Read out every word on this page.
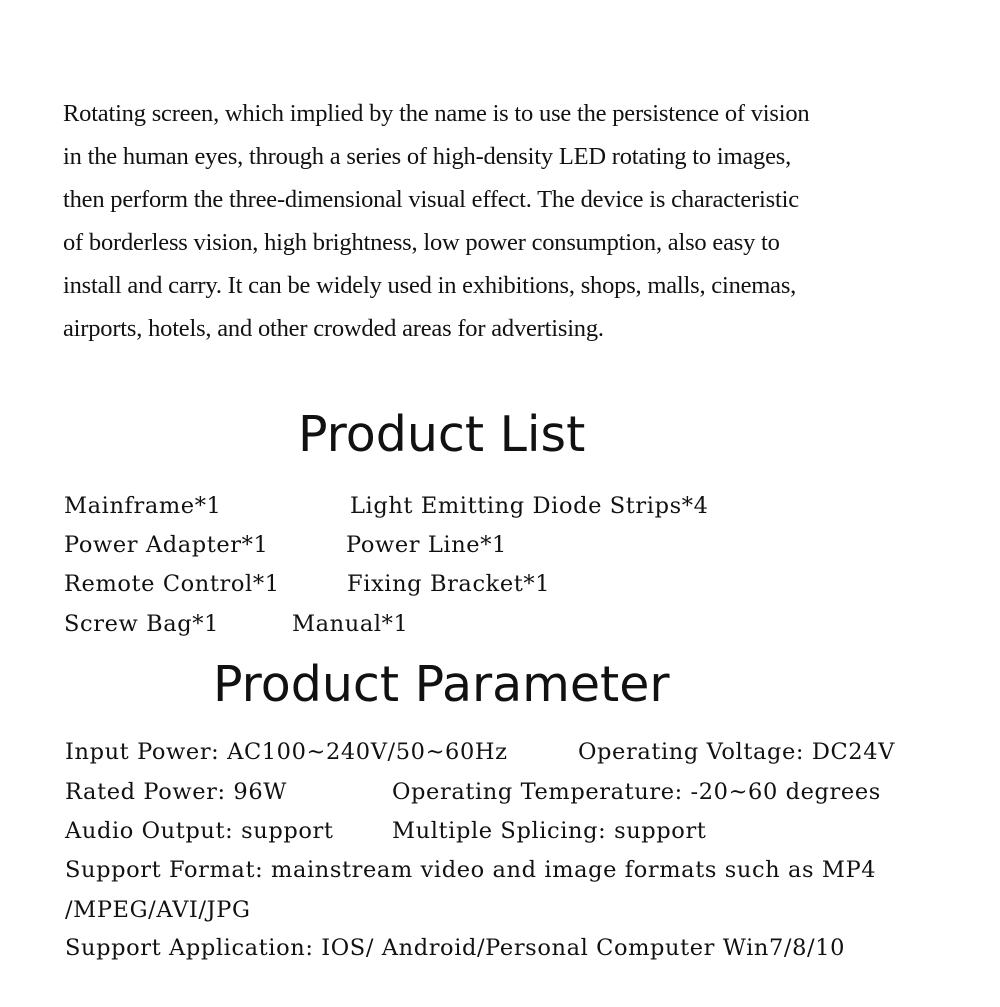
Rotating screen, which implied by the name is to use the persistence of vision
in the human eyes, through a series of high-density LED rotating to images,
then perform the three-dimensional visual effect. The device is characteristic
of borderless vision, high brightness, low power consumption, also easy to
install and carry. It can be widely used in exhibitions, shops, malls, cinemas,
airports, hotels, and other crowded areas for advertising.
Product List
Mainframe*1	Light Emitting Diode Strips*4
Power Adapter*1	Power Line*1
Remote Control*1	Fixing Bracket*1
Screw Bag*1	Manual*1
Product Parameter
Input Power: AC100~240V/50~60Hz	Operating Voltage: DC24V
Rated Power: 96W	Operating Temperature: -20~60 degrees
Audio Output: support	Multiple Splicing: support
Support Format: mainstream video and image formats such as MP4
/MPEG/AVI/JPG
Support Application: IOS/ Android/Personal Computer Win7/8/10
